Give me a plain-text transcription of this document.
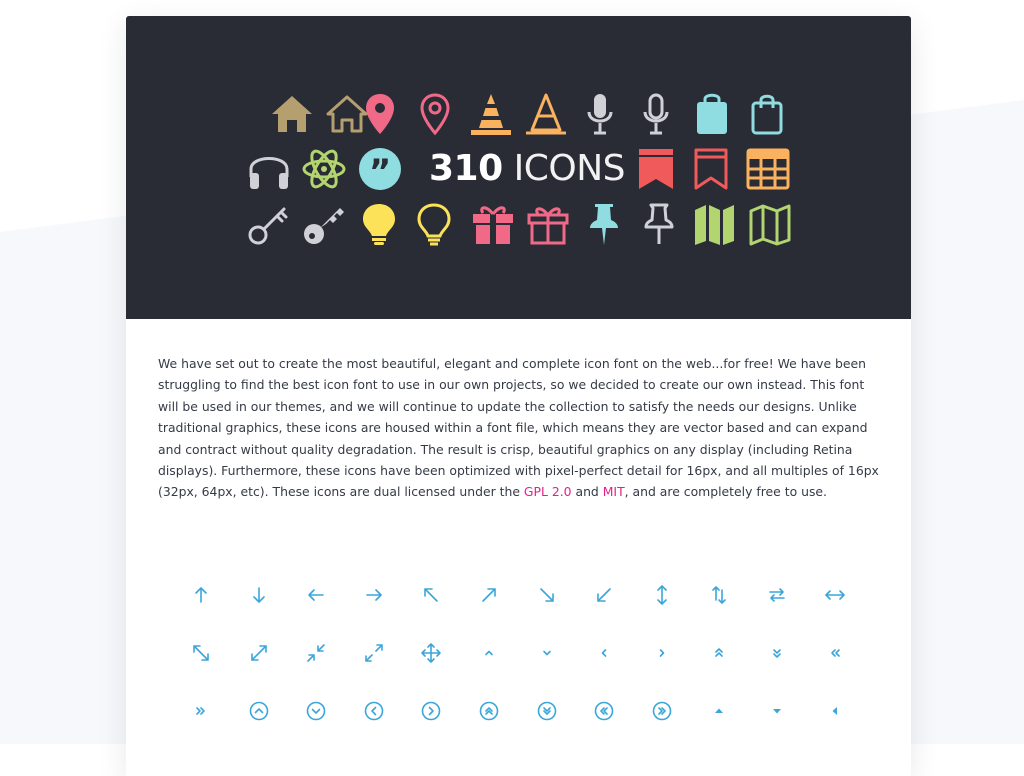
” 310 ICONS
We have set out to create the most beautiful, elegant and complete icon font on the web...for free! We have been struggling to find the best icon font to use in our own projects, so we decided to create our own instead. This font will be used in our themes, and we will continue to update the collection to satisfy the needs our designs. Unlike traditional graphics, these icons are housed within a font file, which means they are vector based and can expand and contract without quality degradation. The result is crisp, beautiful graphics on any display (including Retina displays). Furthermore, these icons have been optimized with pixel-perfect detail for 16px, and all multiples of 16px (32px, 64px, etc). These icons are dual licensed under the GPL 2.0 and MIT, and are completely free to use.
